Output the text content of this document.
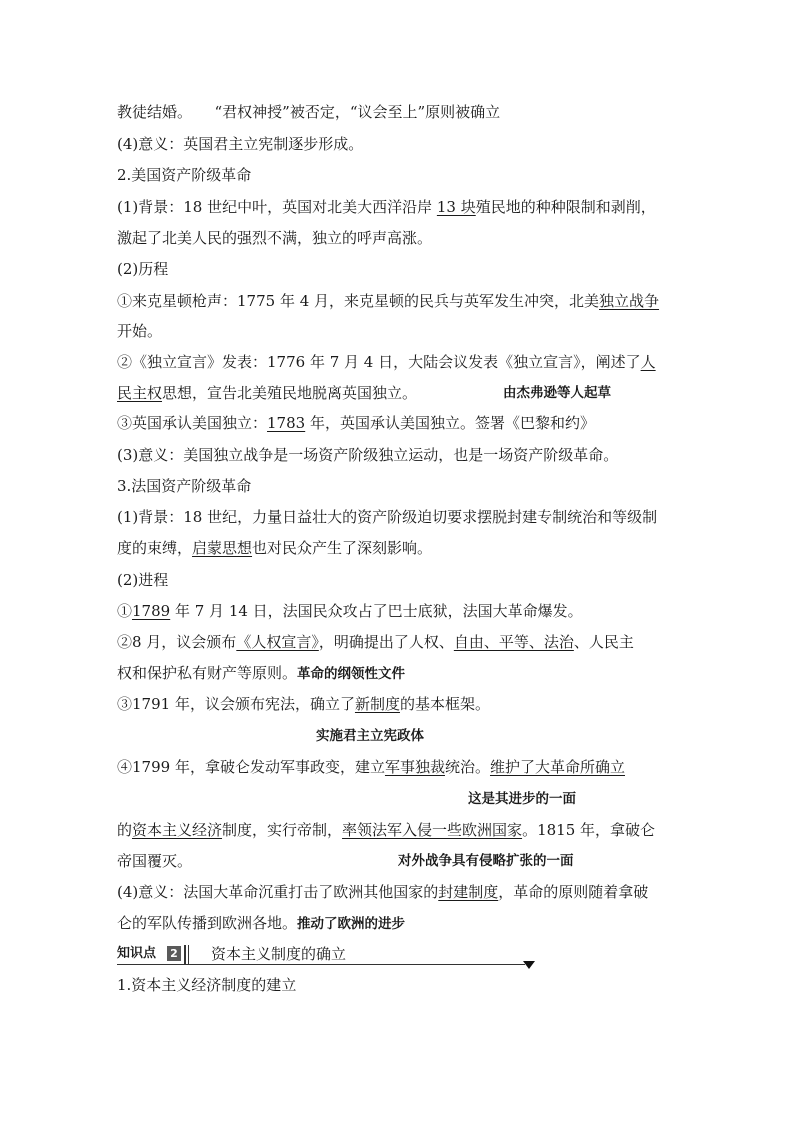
教徒结婚。　　“君权神授”被否定，“议会至上”原则被确立
(4)意义：英国君主立宪制逐步形成。
2.美国资产阶级革命
(1)背景：18 世纪中叶，英国对北美大西洋沿岸 13 块殖民地的种种限制和剥削，
激起了北美人民的强烈不满，独立的呼声高涨。
(2)历程
①来克星顿枪声：1775 年 4 月，来克星顿的民兵与英军发生冲突，北美独立战争
开始。
②《独立宣言》发表：1776 年 7 月 4 日，大陆会议发表《独立宣言》，阐述了人
民主权思想，宣告北美殖民地脱离英国独立。	由杰弗逊等人起草
③英国承认美国独立：1783 年，英国承认美国独立。签署《巴黎和约》
(3)意义：美国独立战争是一场资产阶级独立运动，也是一场资产阶级革命。
3.法国资产阶级革命
(1)背景：18 世纪，力量日益壮大的资产阶级迫切要求摆脱封建专制统治和等级制
度的束缚，启蒙思想也对民众产生了深刻影响。
(2)进程
①1789 年 7 月 14 日，法国民众攻占了巴士底狱，法国大革命爆发。
②8 月，议会颁布《人权宣言》，明确提出了人权、自由、平等、法治、人民主
权和保护私有财产等原则。革命的纲领性文件
③1791 年，议会颁布宪法，确立了新制度的基本框架。
实施君主立宪政体
④1799 年，拿破仑发动军事政变，建立军事独裁统治。维护了大革命所确立
这是其进步的一面
的资本主义经济制度，实行帝制，率领法军入侵一些欧洲国家。1815 年，拿破仑
帝国覆灭。	对外战争具有侵略扩张的一面
(4)意义：法国大革命沉重打击了欧洲其他国家的封建制度，革命的原则随着拿破
仑的军队传播到欧洲各地。推动了欧洲的进步
知识点 2 资本主义制度的确立
1.资本主义经济制度的建立
